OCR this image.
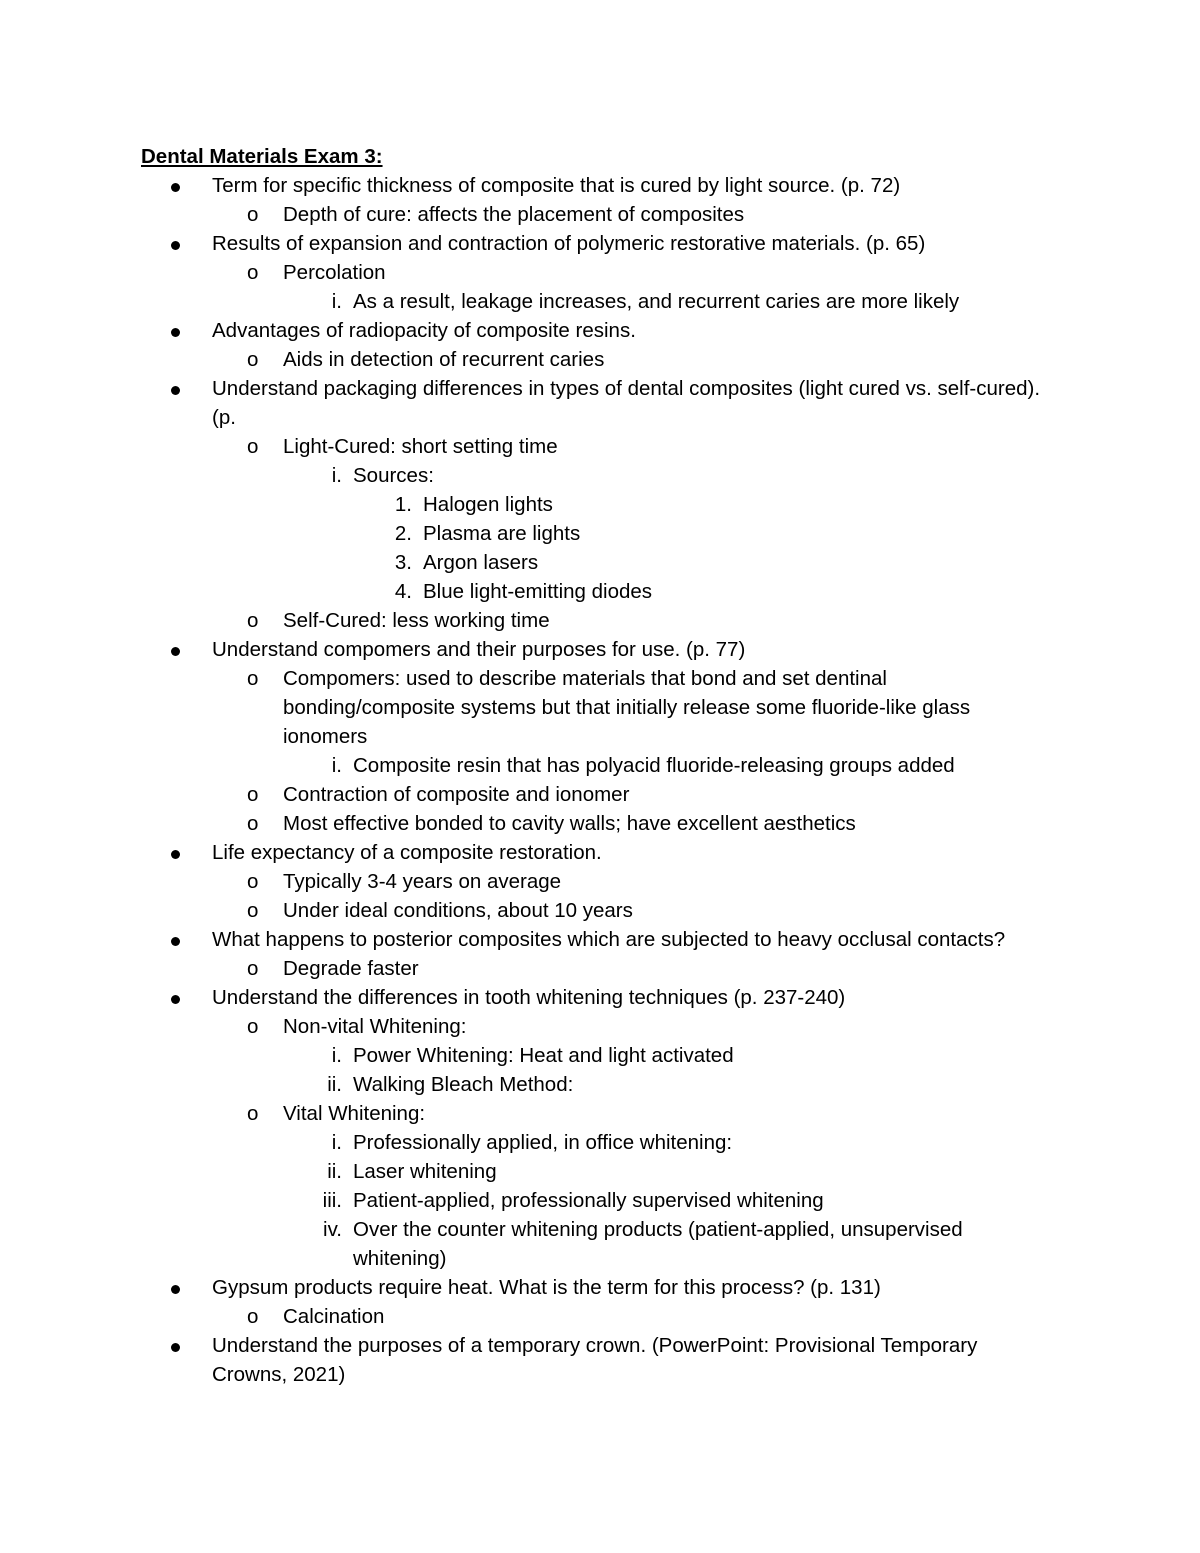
Dental Materials Exam 3:
Term for specific thickness of composite that is cured by light source. (p. 72)
o Depth of cure: affects the placement of composites
Results of expansion and contraction of polymeric restorative materials. (p. 65)
o Percolation
i. As a result, leakage increases, and recurrent caries are more likely
Advantages of radiopacity of composite resins.
o Aids in detection of recurrent caries
Understand packaging differences in types of dental composites (light cured vs. self-cured). (p.
o Light-Cured: short setting time
i. Sources:
1. Halogen lights
2. Plasma are lights
3. Argon lasers
4. Blue light-emitting diodes
o Self-Cured: less working time
Understand compomers and their purposes for use. (p. 77)
o Compomers: used to describe materials that bond and set dentinal bonding/composite systems but that initially release some fluoride-like glass ionomers
i. Composite resin that has polyacid fluoride-releasing groups added
o Contraction of composite and ionomer
o Most effective bonded to cavity walls; have excellent aesthetics
Life expectancy of a composite restoration.
o Typically 3-4 years on average
o Under ideal conditions, about 10 years
What happens to posterior composites which are subjected to heavy occlusal contacts?
o Degrade faster
Understand the differences in tooth whitening techniques (p. 237-240)
o Non-vital Whitening:
i. Power Whitening: Heat and light activated
ii. Walking Bleach Method:
o Vital Whitening:
i. Professionally applied, in office whitening:
ii. Laser whitening
iii. Patient-applied, professionally supervised whitening
iv. Over the counter whitening products (patient-applied, unsupervised whitening)
Gypsum products require heat. What is the term for this process? (p. 131)
o Calcination
Understand the purposes of a temporary crown. (PowerPoint: Provisional Temporary Crowns, 2021)
